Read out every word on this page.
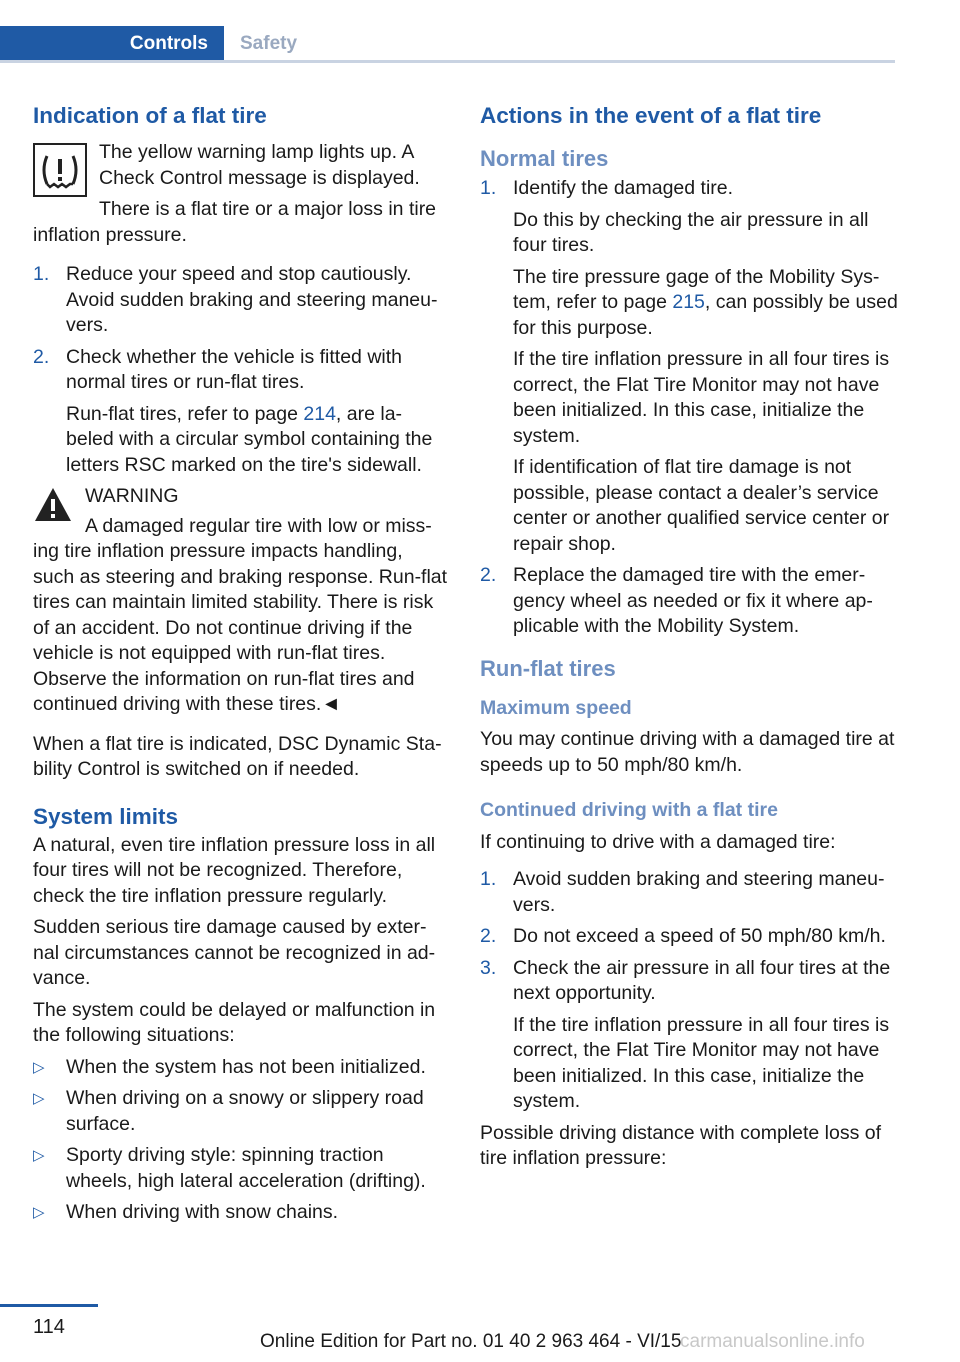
Controls Safety
Indication of a flat tire

The yellow warning lamp lights up. A Check Control message is displayed.

There is a flat tire or a major loss in tire inflation pressure.

1. Reduce your speed and stop cautiously. Avoid sudden braking and steering maneu‐vers.
2. Check whether the vehicle is fitted with normal tires or run-flat tires.

Run-flat tires, refer to page 214, are la‐beled with a circular symbol containing the letters RSC marked on the tire's sidewall.

WARNING

A damaged regular tire with low or miss‐ing tire inflation pressure impacts handling, such as steering and braking response. Run-flat tires can maintain limited stability. There is risk of an accident. Do not continue driving if the vehicle is not equipped with run-flat tires. Observe the information on run-flat tires and continued driving with these tires.◄

When a flat tire is indicated, DSC Dynamic Sta‐bility Control is switched on if needed.

System limits

A natural, even tire inflation pressure loss in all four tires will not be recognized. Therefore, check the tire inflation pressure regularly.

Sudden serious tire damage caused by exter‐nal circumstances cannot be recognized in ad‐vance.

The system could be delayed or malfunction in the following situations:

▷ When the system has not been initialized.
▷ When driving on a snowy or slippery road surface.
▷ Sporty driving style: spinning traction wheels, high lateral acceleration (drifting).
▷ When driving with snow chains.
Actions in the event of a flat tire
Normal tires
1. Identify the damaged tire.

Do this by checking the air pressure in all four tires.

The tire pressure gage of the Mobility Sys‐tem, refer to page 215, can possibly be used for this purpose.

If the tire inflation pressure in all four tires is correct, the Flat Tire Monitor may not have been initialized. In this case, initialize the system.

If identification of flat tire damage is not possible, please contact a dealer’s service center or another qualified service center or repair shop.

2. Replace the damaged tire with the emer‐gency wheel as needed or fix it where ap‐plicable with the Mobility System.
Run-flat tires
Maximum speed

You may continue driving with a damaged tire at speeds up to 50 mph/80 km/h.

Continued driving with a flat tire

If continuing to drive with a damaged tire:

1. Avoid sudden braking and steering maneu‐vers.
2. Do not exceed a speed of 50 mph/80 km/h.
3. Check the air pressure in all four tires at the next opportunity.

If the tire inflation pressure in all four tires is correct, the Flat Tire Monitor may not have been initialized. In this case, initialize the system.

Possible driving distance with complete loss of tire inflation pressure:

114
Online Edition for Part no. 01 40 2 963 464 - VI/15
carmanualsonline.info
